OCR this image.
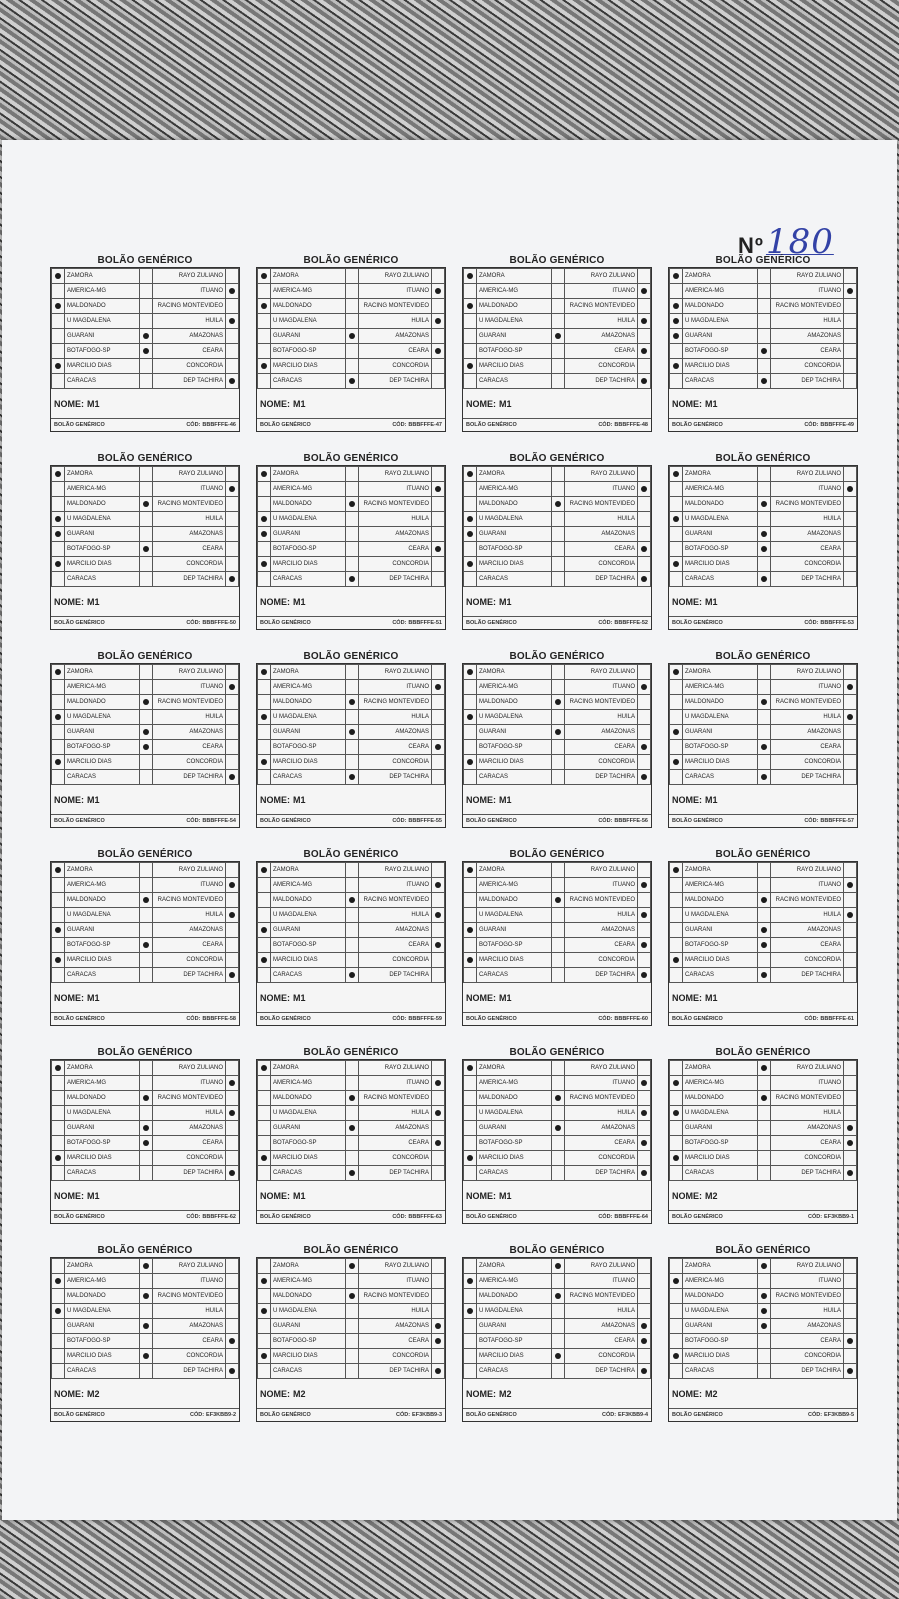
Nº180
BOLÃO GENÉRICO
	ZAMORA		RAYO ZULIANO	
	AMERICA-MG		ITUANO	
	MALDONADO		RACING MONTEVIDEO	
	U MAGDALENA		HUILA	
	GUARANI		AMAZONAS	
	BOTAFOGO-SP		CEARA	
	MARCILIO DIAS		CONCORDIA	
	CARACAS		DEP TACHIRA	
NOME: M1
BOLÃO GENÉRICO	CÓD: BBBFFFE-46
BOLÃO GENÉRICO
	ZAMORA		RAYO ZULIANO	
	AMERICA-MG		ITUANO	
	MALDONADO		RACING MONTEVIDEO	
	U MAGDALENA		HUILA	
	GUARANI		AMAZONAS	
	BOTAFOGO-SP		CEARA	
	MARCILIO DIAS		CONCORDIA	
	CARACAS		DEP TACHIRA	
NOME: M1
BOLÃO GENÉRICO	CÓD: BBBFFFE-47
BOLÃO GENÉRICO
	ZAMORA		RAYO ZULIANO	
	AMERICA-MG		ITUANO	
	MALDONADO		RACING MONTEVIDEO	
	U MAGDALENA		HUILA	
	GUARANI		AMAZONAS	
	BOTAFOGO-SP		CEARA	
	MARCILIO DIAS		CONCORDIA	
	CARACAS		DEP TACHIRA	
NOME: M1
BOLÃO GENÉRICO	CÓD: BBBFFFE-48
BOLÃO GENÉRICO
	ZAMORA		RAYO ZULIANO	
	AMERICA-MG		ITUANO	
	MALDONADO		RACING MONTEVIDEO	
	U MAGDALENA		HUILA	
	GUARANI		AMAZONAS	
	BOTAFOGO-SP		CEARA	
	MARCILIO DIAS		CONCORDIA	
	CARACAS		DEP TACHIRA	
NOME: M1
BOLÃO GENÉRICO	CÓD: BBBFFFE-49
BOLÃO GENÉRICO
	ZAMORA		RAYO ZULIANO	
	AMERICA-MG		ITUANO	
	MALDONADO		RACING MONTEVIDEO	
	U MAGDALENA		HUILA	
	GUARANI		AMAZONAS	
	BOTAFOGO-SP		CEARA	
	MARCILIO DIAS		CONCORDIA	
	CARACAS		DEP TACHIRA	
NOME: M1
BOLÃO GENÉRICO	CÓD: BBBFFFE-50
BOLÃO GENÉRICO
	ZAMORA		RAYO ZULIANO	
	AMERICA-MG		ITUANO	
	MALDONADO		RACING MONTEVIDEO	
	U MAGDALENA		HUILA	
	GUARANI		AMAZONAS	
	BOTAFOGO-SP		CEARA	
	MARCILIO DIAS		CONCORDIA	
	CARACAS		DEP TACHIRA	
NOME: M1
BOLÃO GENÉRICO	CÓD: BBBFFFE-51
BOLÃO GENÉRICO
	ZAMORA		RAYO ZULIANO	
	AMERICA-MG		ITUANO	
	MALDONADO		RACING MONTEVIDEO	
	U MAGDALENA		HUILA	
	GUARANI		AMAZONAS	
	BOTAFOGO-SP		CEARA	
	MARCILIO DIAS		CONCORDIA	
	CARACAS		DEP TACHIRA	
NOME: M1
BOLÃO GENÉRICO	CÓD: BBBFFFE-52
BOLÃO GENÉRICO
	ZAMORA		RAYO ZULIANO	
	AMERICA-MG		ITUANO	
	MALDONADO		RACING MONTEVIDEO	
	U MAGDALENA		HUILA	
	GUARANI		AMAZONAS	
	BOTAFOGO-SP		CEARA	
	MARCILIO DIAS		CONCORDIA	
	CARACAS		DEP TACHIRA	
NOME: M1
BOLÃO GENÉRICO	CÓD: BBBFFFE-53
BOLÃO GENÉRICO
	ZAMORA		RAYO ZULIANO	
	AMERICA-MG		ITUANO	
	MALDONADO		RACING MONTEVIDEO	
	U MAGDALENA		HUILA	
	GUARANI		AMAZONAS	
	BOTAFOGO-SP		CEARA	
	MARCILIO DIAS		CONCORDIA	
	CARACAS		DEP TACHIRA	
NOME: M1
BOLÃO GENÉRICO	CÓD: BBBFFFE-54
BOLÃO GENÉRICO
	ZAMORA		RAYO ZULIANO	
	AMERICA-MG		ITUANO	
	MALDONADO		RACING MONTEVIDEO	
	U MAGDALENA		HUILA	
	GUARANI		AMAZONAS	
	BOTAFOGO-SP		CEARA	
	MARCILIO DIAS		CONCORDIA	
	CARACAS		DEP TACHIRA	
NOME: M1
BOLÃO GENÉRICO	CÓD: BBBFFFE-55
BOLÃO GENÉRICO
	ZAMORA		RAYO ZULIANO	
	AMERICA-MG		ITUANO	
	MALDONADO		RACING MONTEVIDEO	
	U MAGDALENA		HUILA	
	GUARANI		AMAZONAS	
	BOTAFOGO-SP		CEARA	
	MARCILIO DIAS		CONCORDIA	
	CARACAS		DEP TACHIRA	
NOME: M1
BOLÃO GENÉRICO	CÓD: BBBFFFE-56
BOLÃO GENÉRICO
	ZAMORA		RAYO ZULIANO	
	AMERICA-MG		ITUANO	
	MALDONADO		RACING MONTEVIDEO	
	U MAGDALENA		HUILA	
	GUARANI		AMAZONAS	
	BOTAFOGO-SP		CEARA	
	MARCILIO DIAS		CONCORDIA	
	CARACAS		DEP TACHIRA	
NOME: M1
BOLÃO GENÉRICO	CÓD: BBBFFFE-57
BOLÃO GENÉRICO
	ZAMORA		RAYO ZULIANO	
	AMERICA-MG		ITUANO	
	MALDONADO		RACING MONTEVIDEO	
	U MAGDALENA		HUILA	
	GUARANI		AMAZONAS	
	BOTAFOGO-SP		CEARA	
	MARCILIO DIAS		CONCORDIA	
	CARACAS		DEP TACHIRA	
NOME: M1
BOLÃO GENÉRICO	CÓD: BBBFFFE-58
BOLÃO GENÉRICO
	ZAMORA		RAYO ZULIANO	
	AMERICA-MG		ITUANO	
	MALDONADO		RACING MONTEVIDEO	
	U MAGDALENA		HUILA	
	GUARANI		AMAZONAS	
	BOTAFOGO-SP		CEARA	
	MARCILIO DIAS		CONCORDIA	
	CARACAS		DEP TACHIRA	
NOME: M1
BOLÃO GENÉRICO	CÓD: BBBFFFE-59
BOLÃO GENÉRICO
	ZAMORA		RAYO ZULIANO	
	AMERICA-MG		ITUANO	
	MALDONADO		RACING MONTEVIDEO	
	U MAGDALENA		HUILA	
	GUARANI		AMAZONAS	
	BOTAFOGO-SP		CEARA	
	MARCILIO DIAS		CONCORDIA	
	CARACAS		DEP TACHIRA	
NOME: M1
BOLÃO GENÉRICO	CÓD: BBBFFFE-60
BOLÃO GENÉRICO
	ZAMORA		RAYO ZULIANO	
	AMERICA-MG		ITUANO	
	MALDONADO		RACING MONTEVIDEO	
	U MAGDALENA		HUILA	
	GUARANI		AMAZONAS	
	BOTAFOGO-SP		CEARA	
	MARCILIO DIAS		CONCORDIA	
	CARACAS		DEP TACHIRA	
NOME: M1
BOLÃO GENÉRICO	CÓD: BBBFFFE-61
BOLÃO GENÉRICO
	ZAMORA		RAYO ZULIANO	
	AMERICA-MG		ITUANO	
	MALDONADO		RACING MONTEVIDEO	
	U MAGDALENA		HUILA	
	GUARANI		AMAZONAS	
	BOTAFOGO-SP		CEARA	
	MARCILIO DIAS		CONCORDIA	
	CARACAS		DEP TACHIRA	
NOME: M1
BOLÃO GENÉRICO	CÓD: BBBFFFE-62
BOLÃO GENÉRICO
	ZAMORA		RAYO ZULIANO	
	AMERICA-MG		ITUANO	
	MALDONADO		RACING MONTEVIDEO	
	U MAGDALENA		HUILA	
	GUARANI		AMAZONAS	
	BOTAFOGO-SP		CEARA	
	MARCILIO DIAS		CONCORDIA	
	CARACAS		DEP TACHIRA	
NOME: M1
BOLÃO GENÉRICO	CÓD: BBBFFFE-63
BOLÃO GENÉRICO
	ZAMORA		RAYO ZULIANO	
	AMERICA-MG		ITUANO	
	MALDONADO		RACING MONTEVIDEO	
	U MAGDALENA		HUILA	
	GUARANI		AMAZONAS	
	BOTAFOGO-SP		CEARA	
	MARCILIO DIAS		CONCORDIA	
	CARACAS		DEP TACHIRA	
NOME: M1
BOLÃO GENÉRICO	CÓD: BBBFFFE-64
BOLÃO GENÉRICO
	ZAMORA		RAYO ZULIANO	
	AMERICA-MG		ITUANO	
	MALDONADO		RACING MONTEVIDEO	
	U MAGDALENA		HUILA	
	GUARANI		AMAZONAS	
	BOTAFOGO-SP		CEARA	
	MARCILIO DIAS		CONCORDIA	
	CARACAS		DEP TACHIRA	
NOME: M2
BOLÃO GENÉRICO	CÓD: EF3KBB9-1
BOLÃO GENÉRICO
	ZAMORA		RAYO ZULIANO	
	AMERICA-MG		ITUANO	
	MALDONADO		RACING MONTEVIDEO	
	U MAGDALENA		HUILA	
	GUARANI		AMAZONAS	
	BOTAFOGO-SP		CEARA	
	MARCILIO DIAS		CONCORDIA	
	CARACAS		DEP TACHIRA	
NOME: M2
BOLÃO GENÉRICO	CÓD: EF3KBB9-2
BOLÃO GENÉRICO
	ZAMORA		RAYO ZULIANO	
	AMERICA-MG		ITUANO	
	MALDONADO		RACING MONTEVIDEO	
	U MAGDALENA		HUILA	
	GUARANI		AMAZONAS	
	BOTAFOGO-SP		CEARA	
	MARCILIO DIAS		CONCORDIA	
	CARACAS		DEP TACHIRA	
NOME: M2
BOLÃO GENÉRICO	CÓD: EF3KBB9-3
BOLÃO GENÉRICO
	ZAMORA		RAYO ZULIANO	
	AMERICA-MG		ITUANO	
	MALDONADO		RACING MONTEVIDEO	
	U MAGDALENA		HUILA	
	GUARANI		AMAZONAS	
	BOTAFOGO-SP		CEARA	
	MARCILIO DIAS		CONCORDIA	
	CARACAS		DEP TACHIRA	
NOME: M2
BOLÃO GENÉRICO	CÓD: EF3KBB9-4
BOLÃO GENÉRICO
	ZAMORA		RAYO ZULIANO	
	AMERICA-MG		ITUANO	
	MALDONADO		RACING MONTEVIDEO	
	U MAGDALENA		HUILA	
	GUARANI		AMAZONAS	
	BOTAFOGO-SP		CEARA	
	MARCILIO DIAS		CONCORDIA	
	CARACAS		DEP TACHIRA	
NOME: M2
BOLÃO GENÉRICO	CÓD: EF3KBB9-5
